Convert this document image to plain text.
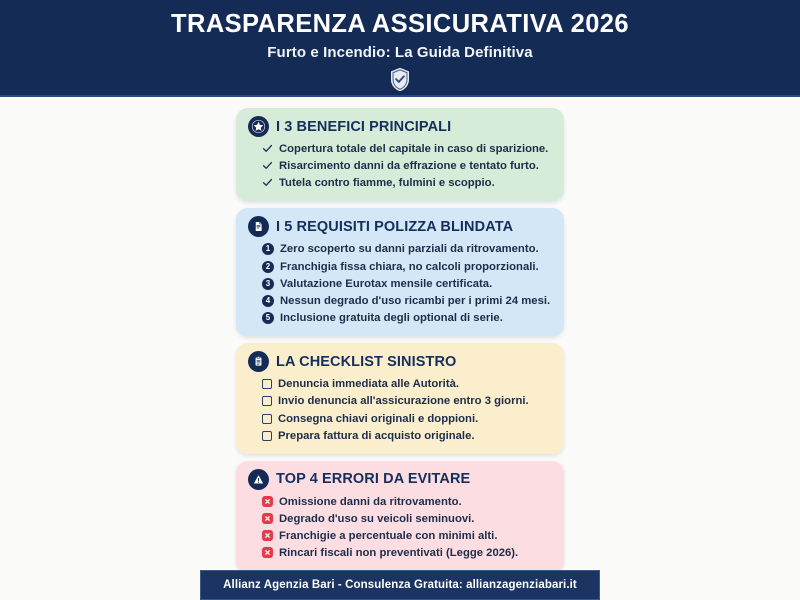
TRASPARENZA ASSICURATIVA 2026
Furto e Incendio: La Guida Definitiva
I 3 BENEFICI PRINCIPALI
Copertura totale del capitale in caso di sparizione.
Risarcimento danni da effrazione e tentato furto.
Tutela contro fiamme, fulmini e scoppio.
I 5 REQUISITI POLIZZA BLINDATA
1 Zero scoperto su danni parziali da ritrovamento.
2 Franchigia fissa chiara, no calcoli proporzionali.
3 Valutazione Eurotax mensile certificata.
4 Nessun degrado d'uso ricambi per i primi 24 mesi.
5 Inclusione gratuita degli optional di serie.
LA CHECKLIST SINISTRO
Denuncia immediata alle Autorità.
Invio denuncia all'assicurazione entro 3 giorni.
Consegna chiavi originali e doppioni.
Prepara fattura di acquisto originale.
TOP 4 ERRORI DA EVITARE
Omissione danni da ritrovamento.
Degrado d'uso su veicoli seminuovi.
Franchigie a percentuale con minimi alti.
Rincari fiscali non preventivati (Legge 2026).
Allianz Agenzia Bari - Consulenza Gratuita: allianzagenziabari.it
